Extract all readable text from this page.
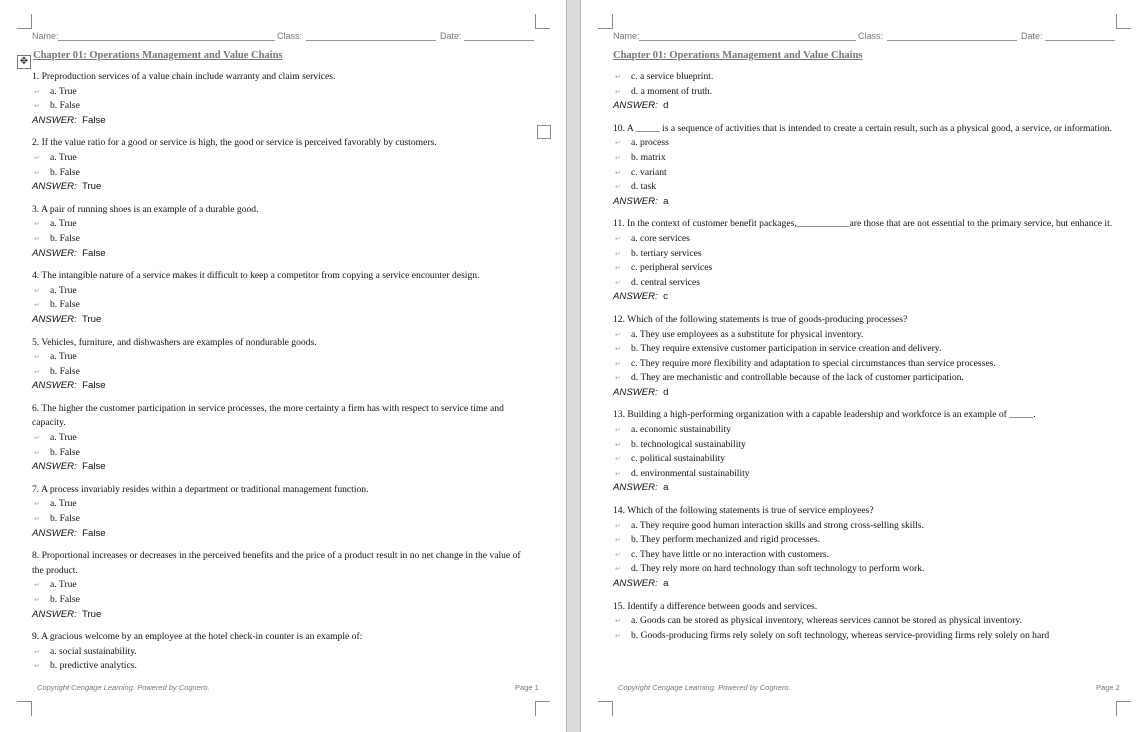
Name:	Class:	Date:
✥
Chapter 01: Operations Management and Value Chains

1. Preproduction services of a value chain include warranty and claim services.

↵ a. True

↵ b. False

ANSWER: False

2. If the value ratio for a good or service is high, the good or service is perceived favorably by customers.

↵ a. True

↵ b. False

ANSWER: True

3. A pair of running shoes is an example of a durable good.

↵ a. True

↵ b. False

ANSWER: False

4. The intangible nature of a service makes it difficult to keep a competitor from copying a service encounter design.

↵ a. True

↵ b. False

ANSWER: True

5. Vehicles, furniture, and dishwashers are examples of nondurable goods.

↵ a. True

↵ b. False

ANSWER: False

6. The higher the customer participation in service processes, the more certainty a firm has with respect to service time and capacity.

↵ a. True

↵ b. False

ANSWER: False

7. A process invariably resides within a department or traditional management function.

↵ a. True

↵ b. False

ANSWER: False

8. Proportional increases or decreases in the perceived benefits and the price of a product result in no net change in the value of the product.

↵ a. True

↵ b. False

ANSWER: True

9. A gracious welcome by an employee at the hotel check-in counter is an example of:

↵ a. social sustainability.

↵ b. predictive analytics.

Copyright Cengage Learning. Powered by Cognero.	Page 1
Name:	Class:	Date:
Chapter 01: Operations Management and Value Chains

↵ c. a service blueprint.

↵ d. a moment of truth.

ANSWER: d

10. A _____ is a sequence of activities that is intended to create a certain result, such as a physical good, a service, or information.

↵ a. process

↵ b. matrix

↵ c. variant

↵ d. task

ANSWER: a

11. In the context of customer benefit packages,___________are those that are not essential to the primary service, but enhance it.

↵ a. core services

↵ b. tertiary services

↵ c. peripheral services

↵ d. central services

ANSWER: c

12. Which of the following statements is true of goods-producing processes?

↵ a. They use employees as a substitute for physical inventory.

↵ b. They require extensive customer participation in service creation and delivery.

↵ c. They require more flexibility and adaptation to special circumstances than service processes.

↵ d. They are mechanistic and controllable because of the lack of customer participation.

ANSWER: d

13. Building a high-performing organization with a capable leadership and workforce is an example of _____.

↵ a. economic sustainability

↵ b. technological sustainability

↵ c. political sustainability

↵ d. environmental sustainability

ANSWER: a

14. Which of the following statements is true of service employees?

↵ a. They require good human interaction skills and strong cross-selling skills.

↵ b. They perform mechanized and rigid processes.

↵ c. They have little or no interaction with customers.

↵ d. They rely more on hard technology than soft technology to perform work.

ANSWER: a

15. Identify a difference between goods and services.

↵ a. Goods can be stored as physical inventory, whereas services cannot be stored as physical inventory.

↵ b. Goods-producing firms rely solely on soft technology, whereas service-providing firms rely solely on hard

Copyright Cengage Learning. Powered by Cognero.	Page 2
